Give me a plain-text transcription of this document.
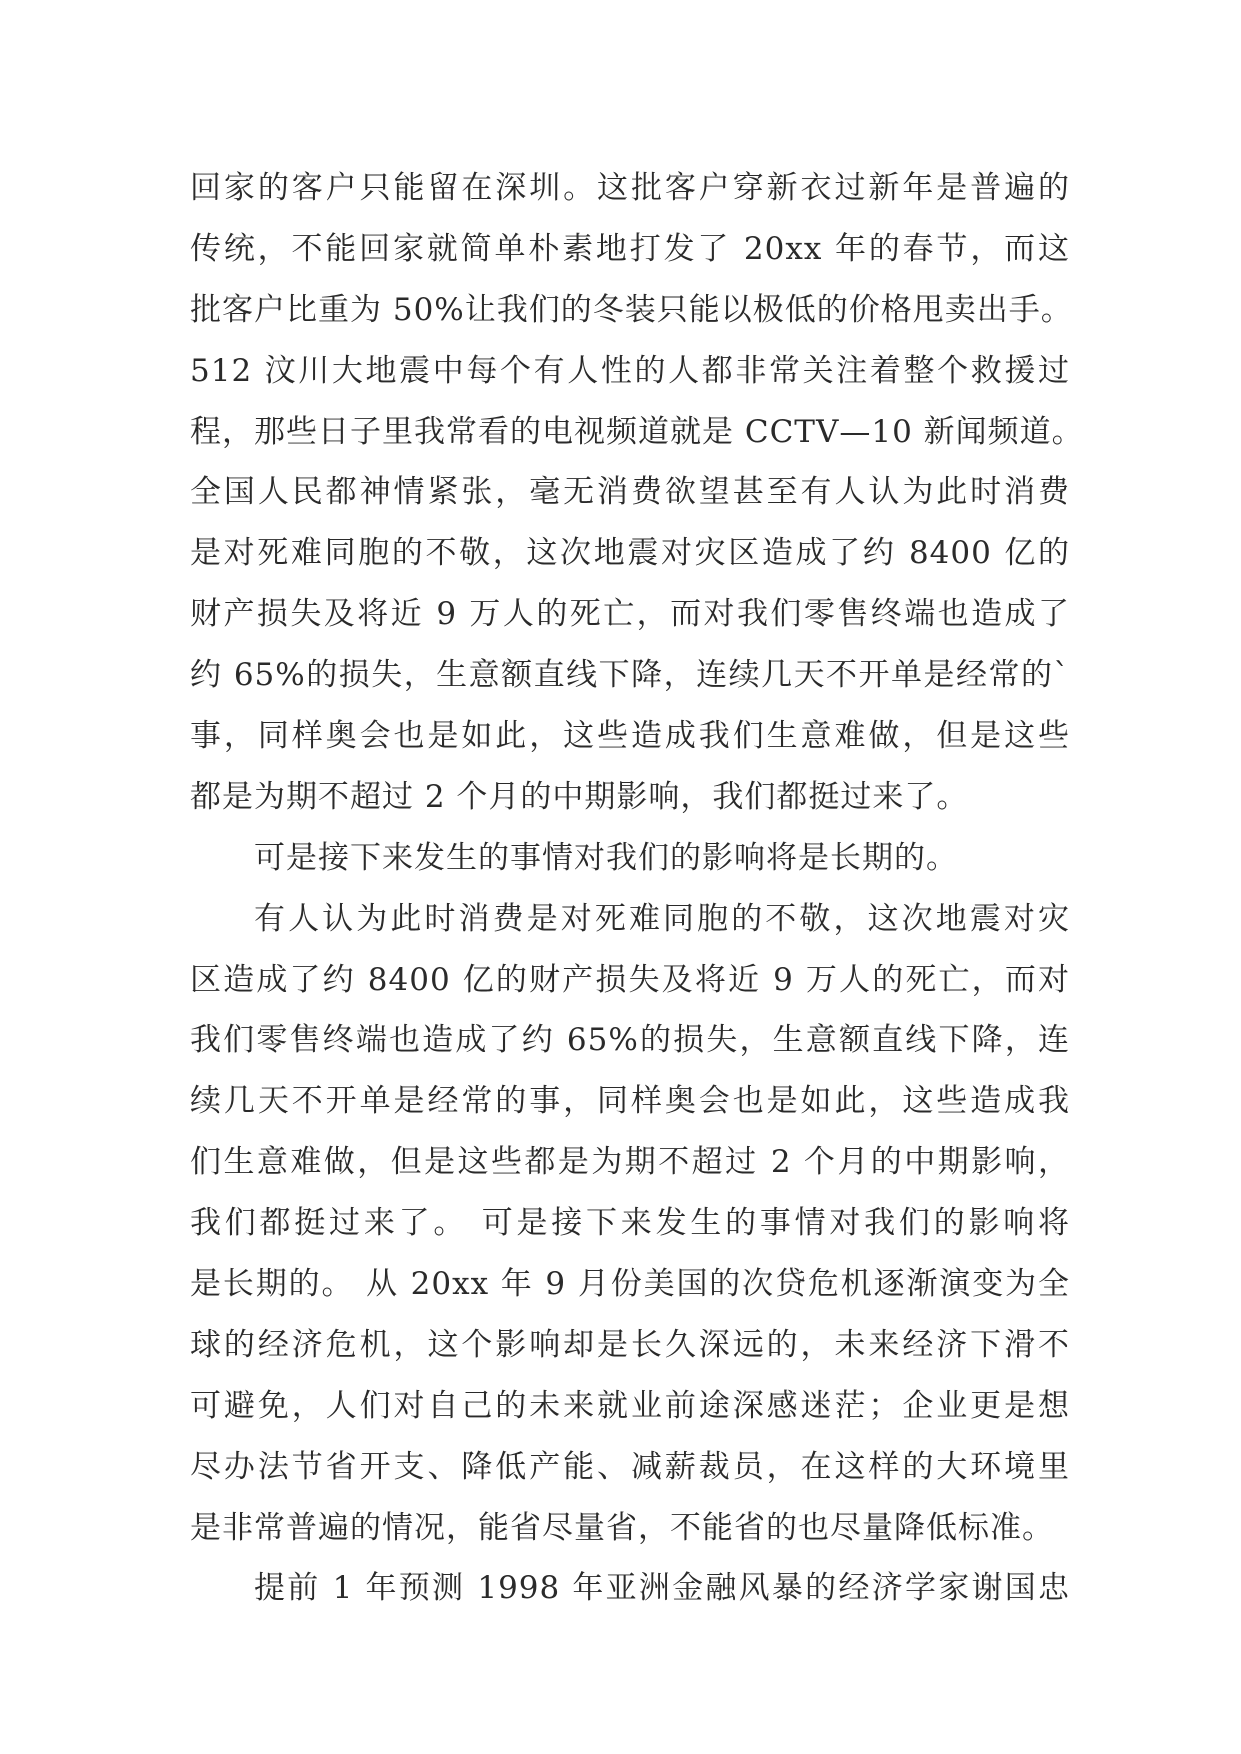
回家的客户只能留在深圳。这批客户穿新衣过新年是普遍的
传统，不能回家就简单朴素地打发了 20xx 年的春节，而这
批客户比重为 50%让我们的冬装只能以极低的价格甩卖出手。
512 汶川大地震中每个有人性的人都非常关注着整个救援过
程，那些日子里我常看的电视频道就是 CCTV—10 新闻频道。
全国人民都神情紧张，毫无消费欲望甚至有人认为此时消费
是对死难同胞的不敬，这次地震对灾区造成了约 8400 亿的
财产损失及将近 9 万人的死亡，而对我们零售终端也造成了
约 65%的损失，生意额直线下降，连续几天不开单是经常的`
事，同样奥会也是如此，这些造成我们生意难做，但是这些
都是为期不超过 2 个月的中期影响，我们都挺过来了。
可是接下来发生的事情对我们的影响将是长期的。
有人认为此时消费是对死难同胞的不敬，这次地震对灾
区造成了约 8400 亿的财产损失及将近 9 万人的死亡，而对
我们零售终端也造成了约 65%的损失，生意额直线下降，连
续几天不开单是经常的事，同样奥会也是如此，这些造成我
们生意难做，但是这些都是为期不超过 2 个月的中期影响，
我们都挺过来了。 可是接下来发生的事情对我们的影响将
是长期的。 从 20xx 年 9 月份美国的次贷危机逐渐演变为全
球的经济危机，这个影响却是长久深远的，未来经济下滑不
可避免，人们对自己的未来就业前途深感迷茫；企业更是想
尽办法节省开支、降低产能、减薪裁员，在这样的大环境里
是非常普遍的情况，能省尽量省，不能省的也尽量降低标准。
提前 1 年预测 1998 年亚洲金融风暴的经济学家谢国忠
